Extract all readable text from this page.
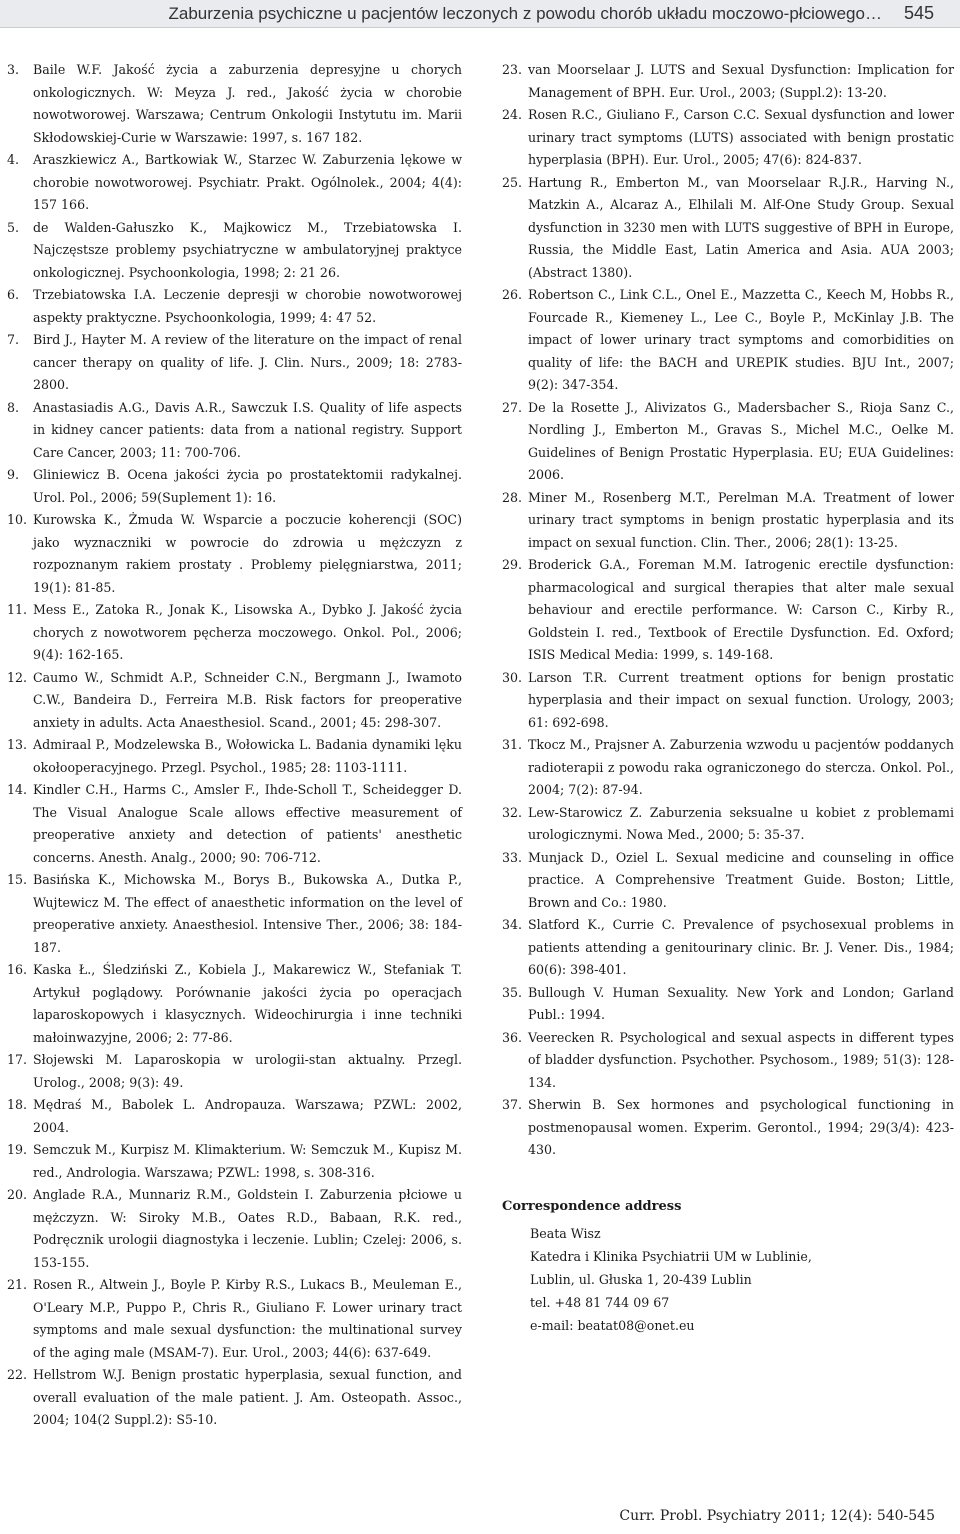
Zaburzenia psychiczne u pacjentów leczonych z powodu chorób układu moczowo-płciowego… 545
3.	Baile W.F. Jakość życia a zaburzenia depresyjne u chorych onkologicznych. W: Meyza J. red., Jakość życia w chorobie nowotworowej. Warszawa; Centrum Onkologii Instytutu im. Marii Skłodowskiej-Curie w Warszawie: 1997, s. 167 182.
4.	Araszkiewicz A., Bartkowiak W., Starzec W. Zaburzenia lękowe w chorobie nowotworowej. Psychiatr. Prakt. Ogólnolek., 2004; 4(4): 157 166.
5.	de Walden-Gałuszko K., Majkowicz M., Trzebiatowska I. Najczęstsze problemy psychiatryczne w ambulatoryjnej praktyce onkologicznej. Psychoonkologia, 1998; 2: 21 26.
6.	Trzebiatowska I.A. Leczenie depresji w chorobie nowotworowej aspekty praktyczne. Psychoonkologia, 1999; 4: 47 52.
7.	Bird J., Hayter M. A review of the literature on the impact of renal cancer therapy on quality of life. J. Clin. Nurs., 2009; 18: 2783-2800.
8.	Anastasiadis A.G., Davis A.R., Sawczuk I.S. Quality of life aspects in kidney cancer patients: data from a national registry. Support Care Cancer, 2003; 11: 700-706.
9.	Gliniewicz B. Ocena jakości życia po prostatektomii radykalnej. Urol. Pol., 2006; 59(Suplement 1): 16.
10. Kurowska K., Żmuda W. Wsparcie a poczucie koherencji (SOC) jako wyznaczniki w powrocie do zdrowia u mężczyzn z rozpoznanym rakiem prostaty . Problemy pielęgniarstwa, 2011; 19(1): 81-85.
11. Mess E., Zatoka R., Jonak K., Lisowska A., Dybko J. Jakość życia chorych z nowotworem pęcherza moczowego. Onkol. Pol., 2006; 9(4): 162-165.
12. Caumo W., Schmidt A.P., Schneider C.N., Bergmann J., Iwamoto C.W., Bandeira D., Ferreira M.B. Risk factors for preoperative anxiety in adults. Acta Anaesthesiol. Scand., 2001; 45: 298-307.
13. Admiraal P., Modzelewska B., Wołowicka L. Badania dynamiki lęku okołooperacyjnego. Przegl. Psychol., 1985; 28: 1103-1111.
14. Kindler C.H., Harms C., Amsler F., Ihde-Scholl T., Scheidegger D. The Visual Analogue Scale allows effective measurement of preoperative anxiety and detection of patients' anesthetic concerns. Anesth. Analg., 2000; 90: 706-712.
15. Basińska K., Michowska M., Borys B., Bukowska A., Dutka P., Wujtewicz M. The effect of anaesthetic information on the level of preoperative anxiety. Anaesthesiol. Intensive Ther., 2006; 38: 184-187.
16. Kaska Ł., Śledziński Z., Kobiela J., Makarewicz W., Stefaniak T. Artykuł poglądowy. Porównanie jakości życia po operacjach laparoskopowych i klasycznych. Wideochirurgia i inne techniki małoinwazyjne, 2006; 2: 77-86.
17. Słojewski M. Laparoskopia w urologii-stan aktualny. Przegl. Urolog., 2008; 9(3): 49.
18. Mędraś M., Babolek L. Andropauza. Warszawa; PZWL: 2002, 2004.
19. Semczuk M., Kurpisz M. Klimakterium. W: Semczuk M., Kupisz M. red., Andrologia. Warszawa; PZWL: 1998, s. 308-316.
20. Anglade R.A., Munnariz R.M., Goldstein I. Zaburzenia płciowe u mężczyzn. W: Siroky M.B., Oates R.D., Babaan, R.K. red., Podręcznik urologii diagnostyka i leczenie. Lublin; Czelej: 2006, s. 153-155.
21. Rosen R., Altwein J., Boyle P. Kirby R.S., Lukacs B., Meuleman E., O'Leary M.P., Puppo P., Chris R., Giuliano F. Lower urinary tract symptoms and male sexual dysfunction: the multinational survey of the aging male (MSAM-7). Eur. Urol., 2003; 44(6): 637-649.
22. Hellstrom W.J. Benign prostatic hyperplasia, sexual function, and overall evaluation of the male patient. J. Am. Osteopath. Assoc., 2004; 104(2 Suppl.2): S5-10.
23. van Moorselaar J. LUTS and Sexual Dysfunction: Implication for Management of BPH. Eur. Urol., 2003; (Suppl.2): 13-20.
24. Rosen R.C., Giuliano F., Carson C.C. Sexual dysfunction and lower urinary tract symptoms (LUTS) associated with benign prostatic hyperplasia (BPH). Eur. Urol., 2005; 47(6): 824-837.
25. Hartung R., Emberton M., van Moorselaar R.J.R., Harving N., Matzkin A., Alcaraz A., Elhilali M. Alf-One Study Group. Sexual dysfunction in 3230 men with LUTS suggestive of BPH in Europe, Russia, the Middle East, Latin America and Asia. AUA 2003; (Abstract 1380).
26. Robertson C., Link C.L., Onel E., Mazzetta C., Keech M, Hobbs R., Fourcade R., Kiemeney L., Lee C., Boyle P., McKinlay J.B. The impact of lower urinary tract symptoms and comorbidities on quality of life: the BACH and UREPIK studies. BJU Int., 2007; 9(2): 347-354.
27. De la Rosette J., Alivizatos G., Madersbacher S., Rioja Sanz C., Nordling J., Emberton M., Gravas S., Michel M.C., Oelke M. Guidelines of Benign Prostatic Hyperplasia. EU; EUA Guidelines: 2006.
28. Miner M., Rosenberg M.T., Perelman M.A. Treatment of lower urinary tract symptoms in benign prostatic hyperplasia and its impact on sexual function. Clin. Ther., 2006; 28(1): 13-25.
29. Broderick G.A., Foreman M.M. Iatrogenic erectile dysfunction: pharmacological and surgical therapies that alter male sexual behaviour and erectile performance. W: Carson C., Kirby R., Goldstein I. red., Textbook of Erectile Dysfunction. Ed. Oxford; ISIS Medical Media: 1999, s. 149-168.
30. Larson T.R. Current treatment options for benign prostatic hyperplasia and their impact on sexual function. Urology, 2003; 61: 692-698.
31. Tkocz M., Prajsner A. Zaburzenia wzwodu u pacjentów poddanych radioterapii z powodu raka ograniczonego do stercza. Onkol. Pol., 2004; 7(2): 87-94.
32. Lew-Starowicz Z. Zaburzenia seksualne u kobiet z problemami urologicznymi. Nowa Med., 2000; 5: 35-37.
33. Munjack D., Oziel L. Sexual medicine and counseling in office practice. A Comprehensive Treatment Guide. Boston; Little, Brown and Co.: 1980.
34. Slatford K., Currie C. Prevalence of psychosexual problems in patients attending a genitourinary clinic. Br. J. Vener. Dis., 1984; 60(6): 398-401.
35. Bullough V. Human Sexuality. New York and London; Garland Publ.: 1994.
36. Veerecken R. Psychological and sexual aspects in different types of bladder dysfunction. Psychother. Psychosom., 1989; 51(3): 128-134.
37. Sherwin B. Sex hormones and psychological functioning in postmenopausal women. Experim. Gerontol., 1994; 29(3/4): 423-430.
Correspondence address
Beata Wisz
Katedra i Klinika Psychiatrii UM w Lublinie,
Lublin, ul. Głuska 1, 20-439 Lublin
tel. +48 81 744 09 67
e-mail: beatat08@onet.eu
Curr. Probl. Psychiatry 2011; 12(4): 540-545
